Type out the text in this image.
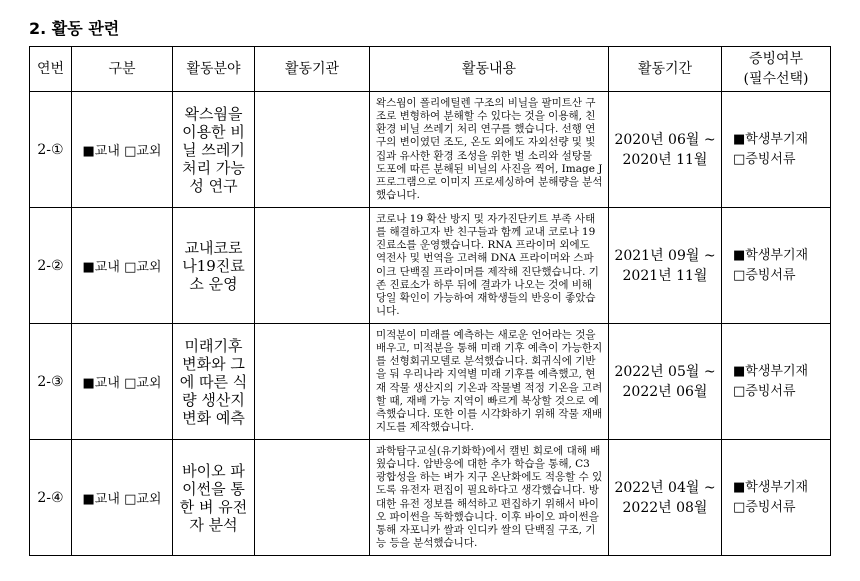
2. 활동 관련
연번	구분	활동분야	활동기관	활동내용	활동기간	증빙여부
(필수선택)

2-①	■교내 □교외	왁스웜을
이용한 비
닐 쓰레기
처리 가능
성 연구		왁스웜이 폴리에틸렌 구조의 비닐을 팔미트산 구조로 변형하여 분해할 수 있다는 것을 이용해, 친환경 비닐 쓰레기 처리 연구를 했습니다. 선행 연구의 변이였던 조도, 온도 외에도 자외선량 및 빛집과 유사한 환경 조성을 위한 벌 소리와 설탕물 도포에 따른 분해된 비닐의 사진을 찍어, Image J 프로그램으로 이미지 프로세싱하여 분해량을 분석했습니다.	2020년 06월 ~
2020년 11월	■학생부기재
□증빙서류

2-②	■교내 □교외	교내코로
나19진료
소 운영		코로나 19 확산 방지 및 자가진단키트 부족 사태를 해결하고자 반 친구들과 함께 교내 코로나 19 진료소를 운영했습니다. RNA 프라이머 외에도 역전사 및 번역을 고려해 DNA 프라이머와 스파이크 단백질 프라이머를 제작해 진단했습니다. 기존 진료소가 하루 뒤에 결과가 나오는 것에 비해 당일 확인이 가능하여 재학생들의 반응이 좋았습니다.	2021년 09월 ~
2021년 11월	■학생부기재
□증빙서류

2-③	■교내 □교외	미래기후
변화와 그
에 따른 식
량 생산지
변화 예측		미적분이 미래를 예측하는 새로운 언어라는 것을 배우고, 미적분을 통해 미래 기후 예측이 가능한지를 선형회귀모델로 분석했습니다. 회귀식에 기반을 둬 우리나라 지역별 미래 기후를 예측했고, 현재 작물 생산지의 기온과 작물별 적정 기온을 고려할 때, 재배 가능 지역이 빠르게 북상할 것으로 예측했습니다. 또한 이를 시각화하기 위해 작물 재배 지도를 제작했습니다.	2022년 05월 ~
2022년 06월	■학생부기재
□증빙서류

2-④	■교내 □교외	바이오 파
이썬을 통
한 벼 유전
자 분석		과학탐구교실(유기화학)에서 캘빈 회로에 대해 배웠습니다. 암반응에 대한 추가 학습을 통해, C3 광합성을 하는 벼가 지구 온난화에도 적응할 수 있도록 유전자 편집이 필요하다고 생각했습니다. 방대한 유전 정보를 해석하고 편집하기 위해서 바이오 파이썬을 독학했습니다. 이후 바이오 파이썬을 통해 자포니카 쌀과 인디카 쌀의 단백질 구조, 기능 등을 분석했습니다.	2022년 04월 ~
2022년 08월	■학생부기재
□증빙서류
